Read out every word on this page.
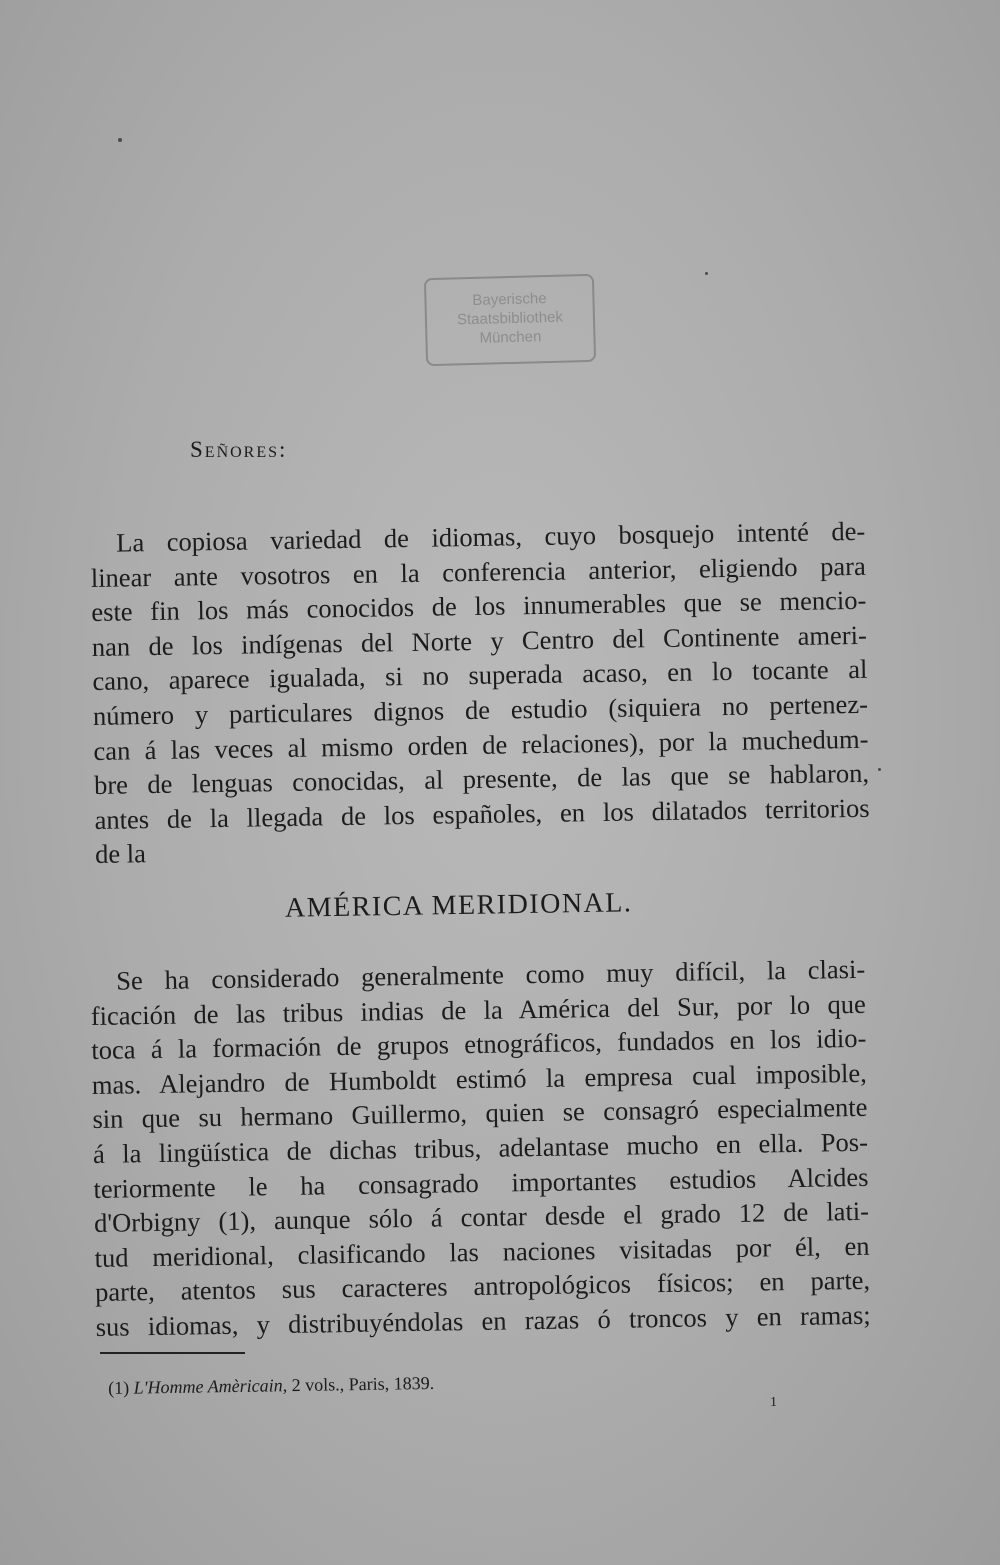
Bayerische
Staatsbibliothek
München
Señores:
La copiosa variedad de idiomas, cuyo bosquejo intenté de-
linear ante vosotros en la conferencia anterior, eligiendo para
este fin los más conocidos de los innumerables que se mencio-
nan de los indígenas del Norte y Centro del Continente ameri-
cano, aparece igualada, si no superada acaso, en lo tocante al
número y particulares dignos de estudio (siquiera no pertenez-
can á las veces al mismo orden de relaciones), por la muchedum-
bre de lenguas conocidas, al presente, de las que se hablaron,
antes de la llegada de los españoles, en los dilatados territorios
de la
AMÉRICA MERIDIONAL.
Se ha considerado generalmente como muy difícil, la clasi-
ficación de las tribus indias de la América del Sur, por lo que
toca á la formación de grupos etnográficos, fundados en los idio-
mas. Alejandro de Humboldt estimó la empresa cual imposible,
sin que su hermano Guillermo, quien se consagró especialmente
á la lingüística de dichas tribus, adelantase mucho en ella. Pos-
teriormente le ha consagrado importantes estudios Alcides
d'Orbigny (1), aunque sólo á contar desde el grado 12 de lati-
tud meridional, clasificando las naciones visitadas por él, en
parte, atentos sus caracteres antropológicos físicos; en parte,
sus idiomas, y distribuyéndolas en razas ó troncos y en ramas;
(1) L'Homme Amèricain, 2 vols., Paris, 1839.
1
